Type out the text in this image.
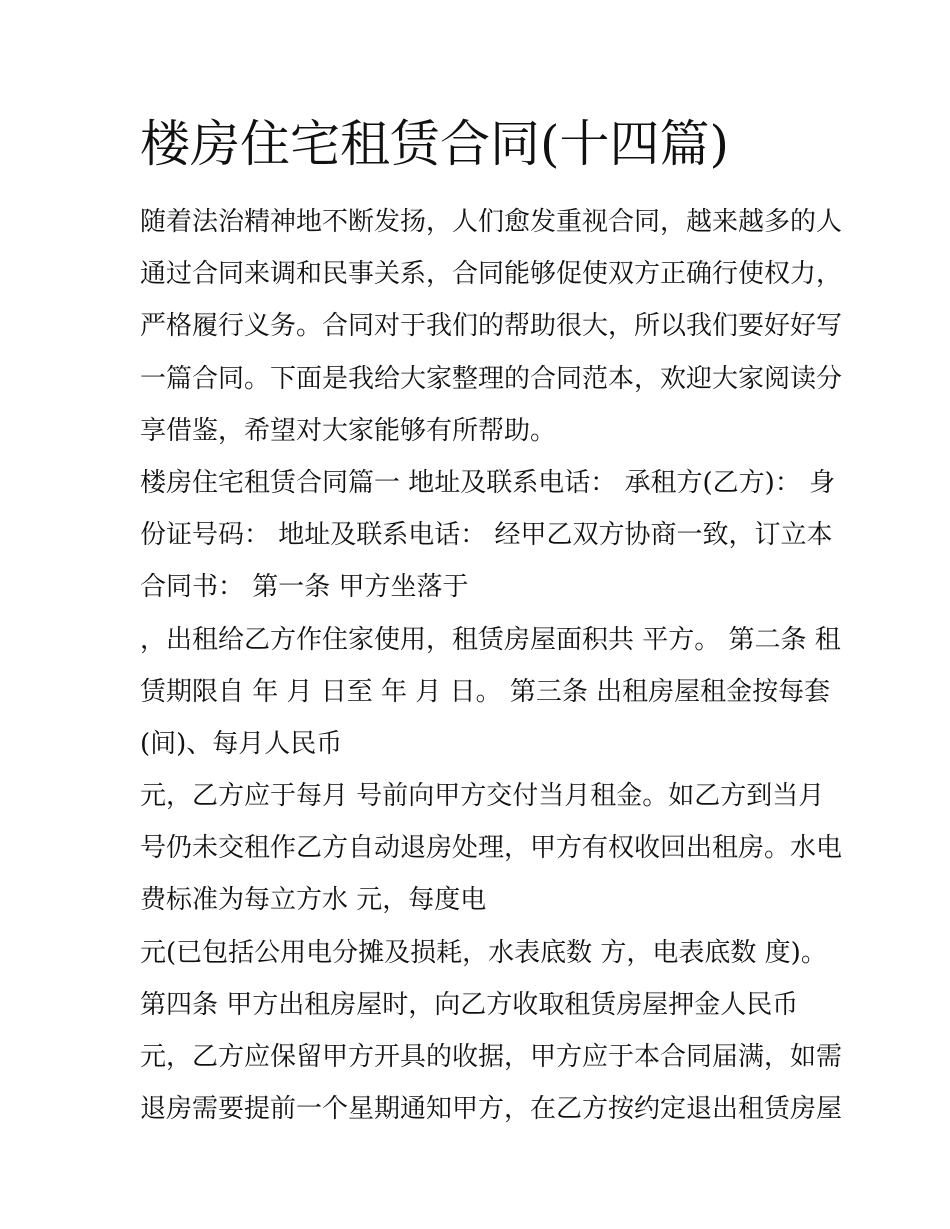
楼房住宅租赁合同(十四篇)
随着法治精神地不断发扬，人们愈发重视合同，越来越多的人
通过合同来调和民事关系，合同能够促使双方正确行使权力，
严格履行义务。合同对于我们的帮助很大，所以我们要好好写
一篇合同。下面是我给大家整理的合同范本，欢迎大家阅读分
享借鉴，希望对大家能够有所帮助。
楼房住宅租赁合同篇一 地址及联系电话： 承租方(乙方)： 身
份证号码： 地址及联系电话： 经甲乙双方协商一致，订立本
合同书： 第一条 甲方坐落于
，出租给乙方作住家使用，租赁房屋面积共 平方。 第二条 租
赁期限自 年 月 日至 年 月 日。 第三条 出租房屋租金按每套
(间)、每月人民币
元，乙方应于每月 号前向甲方交付当月租金。如乙方到当月
号仍未交租作乙方自动退房处理，甲方有权收回出租房。水电
费标准为每立方水 元，每度电
元(已包括公用电分摊及损耗，水表底数 方，电表底数 度)。
第四条 甲方出租房屋时，向乙方收取租赁房屋押金人民币
元，乙方应保留甲方开具的收据，甲方应于本合同届满，如需
退房需要提前一个星期通知甲方，在乙方按约定退出租赁房屋
